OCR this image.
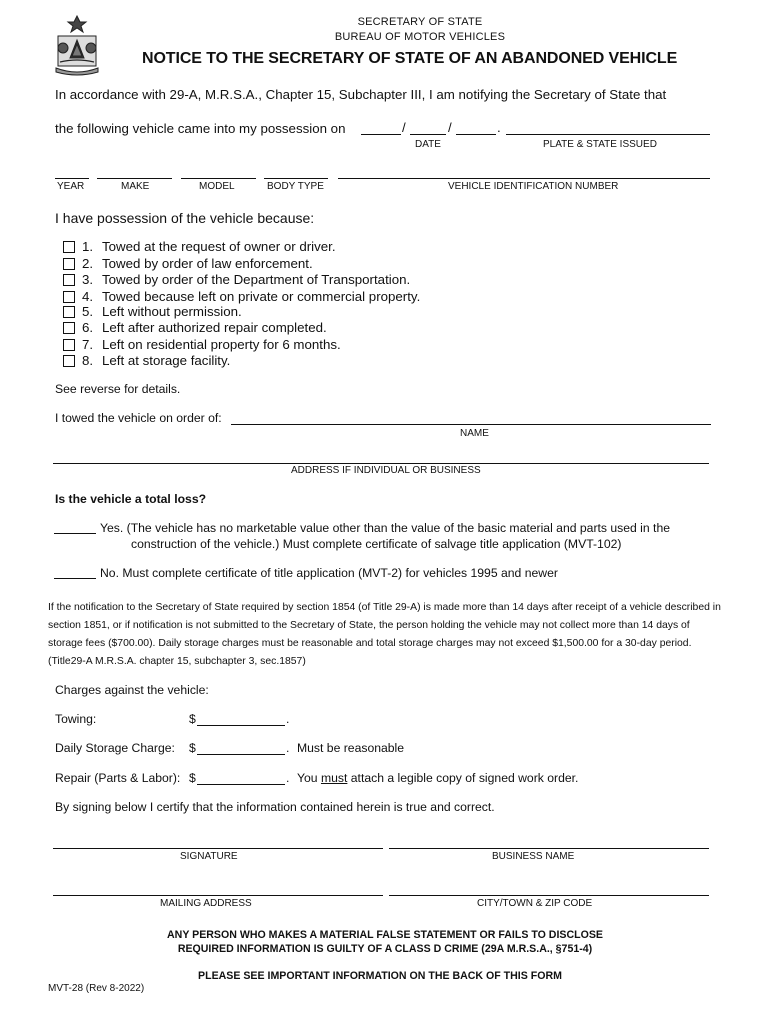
SECRETARY OF STATE
BUREAU OF MOTOR VEHICLES
NOTICE TO THE SECRETARY OF STATE OF AN ABANDONED VEHICLE
In accordance with 29-A, M.R.S.A., Chapter 15, Subchapter III, I am notifying the Secretary of State that
the following vehicle came into my possession on	/	/	.
DATE	PLATE & STATE ISSUED
YEAR	MAKE	MODEL	BODY TYPE	VEHICLE IDENTIFICATION NUMBER
I have possession of the vehicle because:
1. Towed at the request of owner or driver.
2. Towed by order of law enforcement.
3. Towed by order of the Department of Transportation.
4. Towed because left on private or commercial property.
5. Left without permission.
6. Left after authorized repair completed.
7. Left on residential property for 6 months.
8. Left at storage facility.
See reverse for details.
I towed the vehicle on order of:
NAME
ADDRESS IF INDIVIDUAL OR BUSINESS
Is the vehicle a total loss?
Yes. (The vehicle has no marketable value other than the value of the basic material and parts used in the
construction of the vehicle.) Must complete certificate of salvage title application (MVT-102)
No. Must complete certificate of title application (MVT-2) for vehicles 1995 and newer
If the notification to the Secretary of State required by section 1854 (of Title 29-A) is made more than 14 days after receipt of a vehicle described in section 1851, or if notification is not submitted to the Secretary of State, the person holding the vehicle may not collect more than 14 days of storage fees ($700.00). Daily storage charges must be reasonable and total storage charges may not exceed $1,500.00 for a 30-day period. (Title29-A M.R.S.A. chapter 15, subchapter 3, sec.1857)
Charges against the vehicle:
Towing:	$	.
Daily Storage Charge: $	. Must be reasonable
Repair (Parts & Labor): $	. You must attach a legible copy of signed work order.
By signing below I certify that the information contained herein is true and correct.
SIGNATURE	BUSINESS NAME
MAILING ADDRESS	CITY/TOWN & ZIP CODE
ANY PERSON WHO MAKES A MATERIAL FALSE STATEMENT OR FAILS TO DISCLOSE
REQUIRED INFORMATION IS GUILTY OF A CLASS D CRIME (29A M.R.S.A., §751-4)
PLEASE SEE IMPORTANT INFORMATION ON THE BACK OF THIS FORM
MVT-28 (Rev 8-2022)
